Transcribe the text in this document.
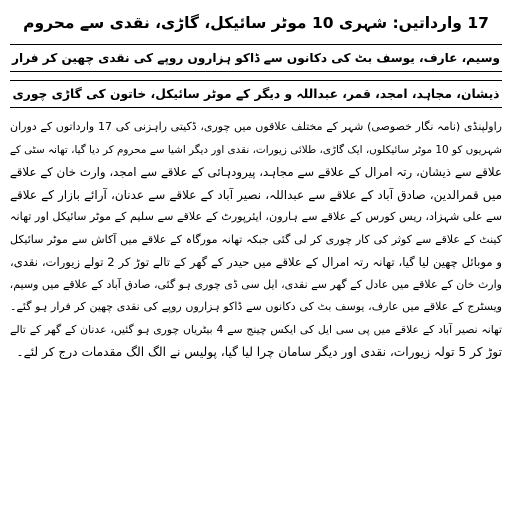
17 وارداتیں: شہری 10 موٹر سائیکل، گاڑی، نقدی سے محروم
وسیم، عارف، یوسف بٹ کی دکانوں سے ڈاکو ہزاروں روپے کی نقدی چھین کر فرار
ذیشان، مجاہد، امجد، قمر، عبداللہ و دیگر کے موٹر سائیکل، خاتون کی گاڑی چوری
راولپنڈی (نامہ نگار خصوصی) شہر کے مختلف علاقوں میں چوری، ڈکیتی راہزنی کی 17 وارداتوں کے دوران
شہریوں کو 10 موٹر سائیکلوں، ایک گاڑی، طلائی زیورات، نقدی اور دیگر اشیا سے محروم کر دیا گیا، تھانہ سٹی کے
علاقے سے ذیشان، رتہ امرال کے علاقے سے مجاہد، پیرودہائی کے علاقے سے امجد، وارث خان کے علاقے
میں قمرالدین، صادق آباد کے علاقے سے عبداللہ، نصیر آباد کے علاقے سے عدنان، آرائے بازار کے علاقے
سے علی شہزاد، ریس کورس کے علاقے سے ہارون، ایئرپورٹ کے علاقے سے سلیم کے موٹر سائیکل اور تھانہ
کینٹ کے علاقے سے کوثر کی کار چوری کر لی گئی جبکہ تھانہ مورگاہ کے علاقے میں آکاش سے موٹر سائیکل
و موبائل چھین لیا گیا، تھانہ رتہ امرال کے علاقے میں حیدر کے گھر کے تالے توڑ کر 2 تولے زیورات، نقدی،
وارث خان کے علاقے میں عادل کے گھر سے نقدی، ایل سی ڈی چوری ہو گئی، صادق آباد کے علاقے میں وسیم،
ویسٹرج کے علاقے میں عارف، یوسف بٹ کی دکانوں سے ڈاکو ہزاروں روپے کی نقدی چھین کر فرار ہو گئے۔
تھانہ نصیر آباد کے علاقے میں پی سی ایل کی ایکس چینج سے 4 بیٹریاں چوری ہو گئیں، عدنان کے گھر کے تالے
توڑ کر 5 تولہ زیورات، نقدی اور دیگر سامان چرا لیا گیا، پولیس نے الگ الگ مقدمات درج کر لئے۔
